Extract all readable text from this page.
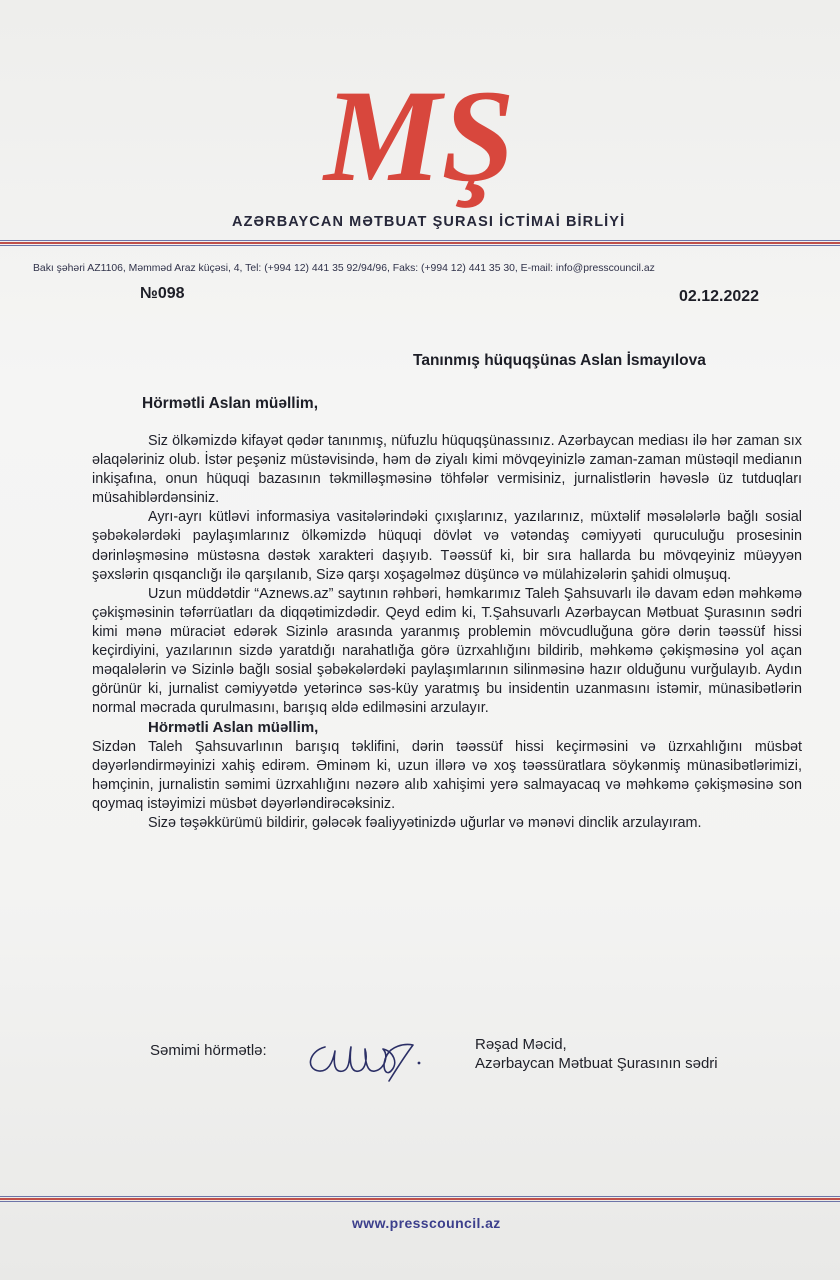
MŞ
AZƏRBAYCAN MƏTBUAT ŞURASI İCTİMAİ BİRLİYİ
Bakı şəhəri AZ1106, Məmməd Araz küçəsi, 4, Tel: (+994 12) 441 35 92/94/96, Faks: (+994 12) 441 35 30, E-mail: info@presscouncil.az
№098	02.12.2022
Tanınmış hüquqşünas Aslan İsmayılova
Hörmətli Aslan müəllim,

Siz ölkəmizdə kifayət qədər tanınmış, nüfuzlu hüquqşünassınız. Azərbaycan mediası ilə hər zaman sıx əlaqələriniz olub. İstər peşəniz müstəvisində, həm də ziyalı kimi mövqeyinizlə zaman-zaman müstəqil medianın inkişafına, onun hüquqi bazasının təkmilləşməsinə töhfələr vermisiniz, jurnalistlərin həvəslə üz tutduqları müsahiblərdənsiniz.

Ayrı-ayrı kütləvi informasiya vasitələrindəki çıxışlarınız, yazılarınız, müxtəlif məsələlərlə bağlı sosial şəbəkələrdəki paylaşımlarınız ölkəmizdə hüquqi dövlət və vətəndaş cəmiyyəti quruculuğu prosesinin dərinləşməsinə müstəsna dəstək xarakteri daşıyıb. Təəssüf ki, bir sıra hallarda bu mövqeyiniz müəyyən şəxslərin qısqanclığı ilə qarşılanıb, Sizə qarşı xoşagəlməz düşüncə və mülahizələrin şahidi olmuşuq.

Uzun müddətdir “Aznews.az” saytının rəhbəri, həmkarımız Taleh Şahsuvarlı ilə davam edən məhkəmə çəkişməsinin təfərrüatları da diqqətimizdədir. Qeyd edim ki, T.Şahsuvarlı Azərbaycan Mətbuat Şurasının sədri kimi mənə müraciət edərək Sizinlə arasında yaranmış problemin mövcudluğuna görə dərin təəssüf hissi keçirdiyini, yazılarının sizdə yaratdığı narahatlığa görə üzrxahlığını bildirib, məhkəmə çəkişməsinə yol açan məqalələrin və Sizinlə bağlı sosial şəbəkələrdəki paylaşımlarının silinməsinə hazır olduğunu vurğulayıb. Aydın görünür ki, jurnalist cəmiyyətdə yetərincə səs-küy yaratmış bu insidentin uzanmasını istəmir, münasibətlərin normal məcrada qurulmasını, barışıq əldə edilməsini arzulayır.

Hörmətli Aslan müəllim,

Sizdən Taleh Şahsuvarlının barışıq təklifini, dərin təəssüf hissi keçirməsini və üzrxahlığını müsbət dəyərləndirməyinizi xahiş edirəm. Əminəm ki, uzun illərə və xoş təəssüratlara söykənmiş münasibətlərimizi, həmçinin, jurnalistin səmimi üzrxahlığını nəzərə alıb xahişimi yerə salmayacaq və məhkəmə çəkişməsinə son qoymaq istəyimizi müsbət dəyərləndirəcəksiniz.

Sizə təşəkkürümü bildirir, gələcək fəaliyyətinizdə uğurlar və mənəvi dinclik arzulayıram.

Səmimi hörmətlə:	Rəşad Məcid,
Azərbaycan Mətbuat Şurasının sədri
www.presscouncil.az
